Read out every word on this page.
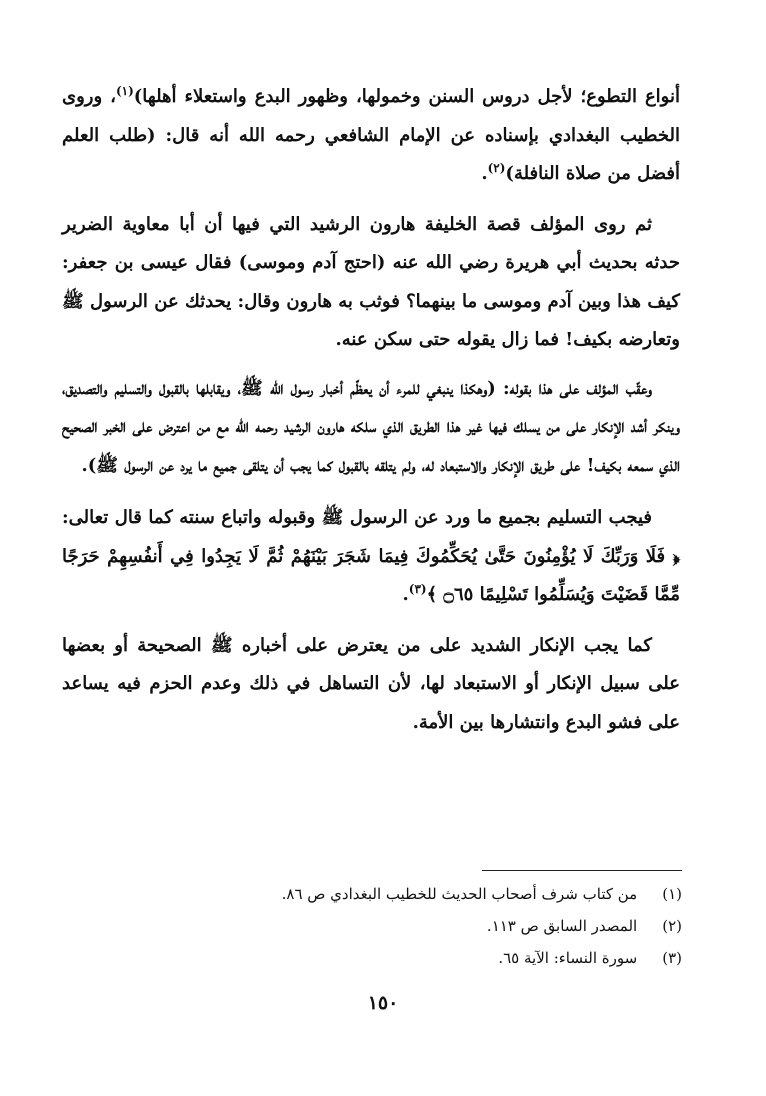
أنواع التطوع؛ لأجل دروس السنن وخمولها، وظهور البدع واستعلاء أهلها)$^{(١)}$، وروى الخطيب البغدادي بإسناده عن الإمام الشافعي رحمه الله أنه قال: (طلب العلم أفضل من صلاة النافلة)$^{(٢)}$.

ثم روى المؤلف قصة الخليفة هارون الرشيد التي فيها أن أبا معاوية الضرير حدثه بحديث أبي هريرة رضي الله عنه (احتج آدم وموسى) فقال عيسى بن جعفر: كيف هذا وبين آدم وموسى ما بينهما؟ فوثب به هارون وقال: يحدثك عن الرسول ﷺ وتعارضه بكيف! فما زال يقوله حتى سكن عنه.

وعقّب المؤلف على هذا بقوله: (وهكذا ينبغي للمرء أن يعظّم أخبار رسول الله ﷺ، ويقابلها بالقبول والتسليم والتصديق، وينكر أشد الإنكار على من يسلك فيها غير هذا الطريق الذي سلكه هارون الرشيد رحمه الله مع من اعترض على الخبر الصحيح الذي سمعه بكيف! على طريق الإنكار والاستبعاد له، ولم يتلقه بالقبول كما يجب أن يتلقى جميع ما يرد عن الرسول ﷺ).

فيجب التسليم بجميع ما ورد عن الرسول ﷺ وقبوله واتباع سنته كما قال تعالى: ﴿ فَلَا وَرَبِّكَ لَا يُؤْمِنُونَ حَتَّىٰ يُحَكِّمُوكَ فِيمَا شَجَرَ بَيْنَهُمْ ثُمَّ لَا يَجِدُوا فِي أَنفُسِهِمْ حَرَجًا مِّمَّا قَضَيْتَ وَيُسَلِّمُوا تَسْلِيمًا ۝٦٥ ﴾$^{(٣)}$.

كما يجب الإنكار الشديد على من يعترض على أخباره ﷺ الصحيحة أو بعضها على سبيل الإنكار أو الاستبعاد لها، لأن التساهل في ذلك وعدم الحزم فيه يساعد على فشو البدع وانتشارها بين الأمة.

(١) من كتاب شرف أصحاب الحديث للخطيب البغدادي ص ٨٦.

(٢) المصدر السابق ص ١١٣.

(٣) سورة النساء: الآية ٦٥.

١٥٠
